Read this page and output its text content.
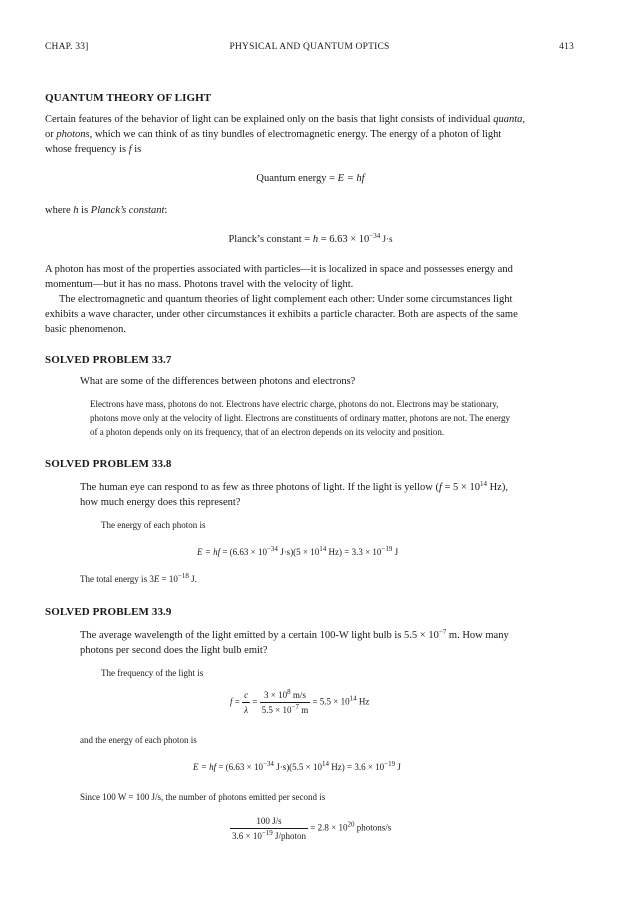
CHAP. 33]	PHYSICAL AND QUANTUM OPTICS	413
QUANTUM THEORY OF LIGHT

Certain features of the behavior of light can be explained only on the basis that light consists of individual quanta,

or photons, which we can think of as tiny bundles of electromagnetic energy. The energy of a photon of light

whose frequency is f is

Quantum energy = E = hf

where h is Planck’s constant:

Planck’s constant = $h = 6.63 \times 10^{-34}$ J·s

A photon has most of the properties associated with particles—it is localized in space and possesses energy and

momentum—but it has no mass. Photons travel with the velocity of light.

The electromagnetic and quantum theories of light complement each other: Under some circumstances light

exhibits a wave character, under other circumstances it exhibits a particle character. Both are aspects of the same

basic phenomenon.

SOLVED PROBLEM 33.7

What are some of the differences between photons and electrons?

Electrons have mass, photons do not. Electrons have electric charge, photons do not. Electrons may be stationary,
photons move only at the velocity of light. Electrons are constituents of ordinary matter, photons are not. The energy
of a photon depends only on its frequency, that of an electron depends on its velocity and position.
SOLVED PROBLEM 33.8

The human eye can respond to as few as three photons of light. If the light is yellow ($f = 5 \times 10^{14}$ Hz),

how much energy does this represent?

The energy of each photon is

E = hf = ($6.63 \times 10^{-34}$ $J\cdot s)(5 \times 10^{14}$ $Hz) = 3.3 \times 10^{-19}$ J

The total energy is $3E = 10^{-18}$ J.

SOLVED PROBLEM 33.9

The average wavelength of the light emitted by a certain 100-W light bulb is $5.5 \times 10^{-7}$ m. How many

photons per second does the light bulb emit?

The frequency of the light is

$f = \frac{c}{\lambda} = \frac{3 \times 10^8 m/s}{5.5 \times 10^{-7} m} = 5.5 \times 10^{14}$ Hz

and the energy of each photon is

E = hf = ($6.63 \times 10^{-34}$ $J\cdot s)(5.5 \times 10^{14}$ $Hz) = 3.6 \times 10^{-19}$ J

Since 100 W = 100 J/s, the number of photons emitted per second is

$\frac{100 J/s}{3.6 \times 10^{-19} J/photon} = 2.8 \times 10^{20}$ photons/s
